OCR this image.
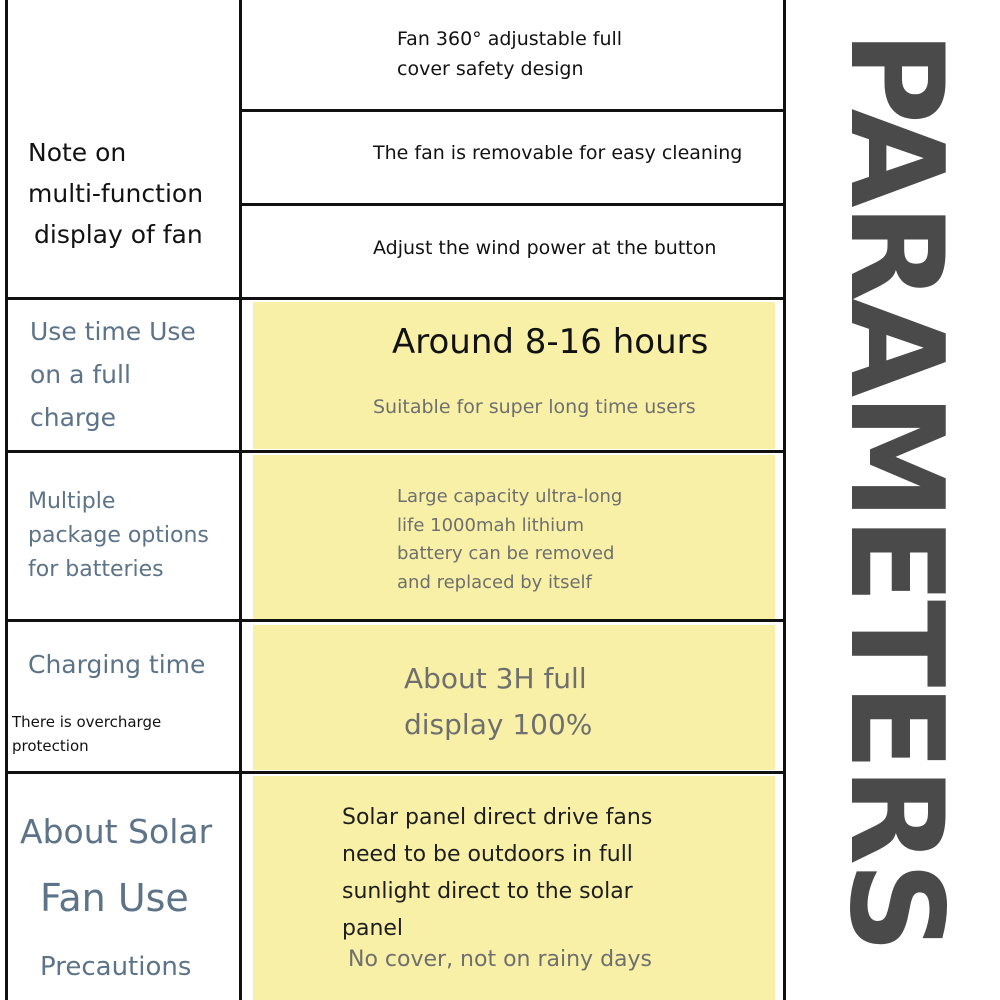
Note on
multi-function
display of fan
Fan 360° adjustable full
cover safety design
The fan is removable for easy cleaning
Adjust the wind power at the button
Use time Use
on a full
charge
Around 8-16 hours
Suitable for super long time users
Multiple
package options
for batteries
Large capacity ultra-long
life 1000mah lithium
battery can be removed
and replaced by itself
Charging time
There is overcharge
protection
About 3H full
display 100%
About Solar
Fan Use
Precautions
Solar panel direct drive fans
need to be outdoors in full
sunlight direct to the solar
panel
No cover, not on rainy days
PARAMETERS
